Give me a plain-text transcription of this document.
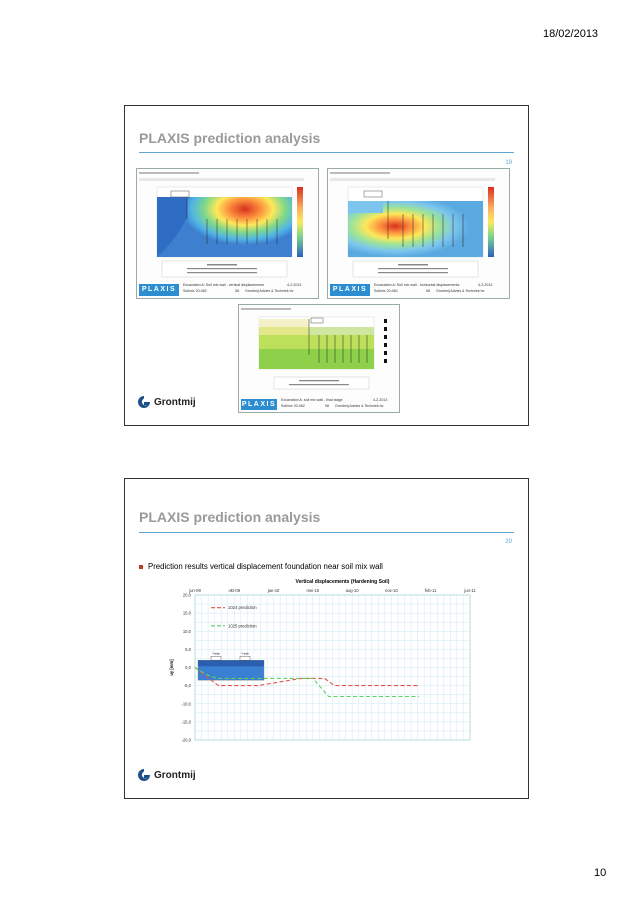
18/02/2013
PLAXIS prediction analysis
19
PLAXIS
Excavation A: Soil mix wall - vertical displacements
Soilmix 20-062	08 Grontmij Advies & Techniek bv
4-2-2013
PLAXIS
Excavation A: Soil mix wall - horizontal displacements
Soilmix 20-062	08 Grontmij Advies & Techniek bv
4-2-2013
PLAXIS
Excavation A: soil mix wall - final stage
Soilmix 20-062	08 Grontmij Advies & Techniek bv
4-2-2013
Grontmij
PLAXIS prediction analysis
20
Prediction results vertical displacement foundation near soil mix wall
Vertical displacements (Hardening Soil)
20,0
15,0
10,0
5,0
0,0
-5,0
-10,0
-15,0
-20,0
jun-09	okt-09	jan-10	mei-10	aug-10	nov-10	feb-11	jun-11
uy [mm]
Y-side	Y-side
1024 prediction
1025 prediction
Grontmij
10
